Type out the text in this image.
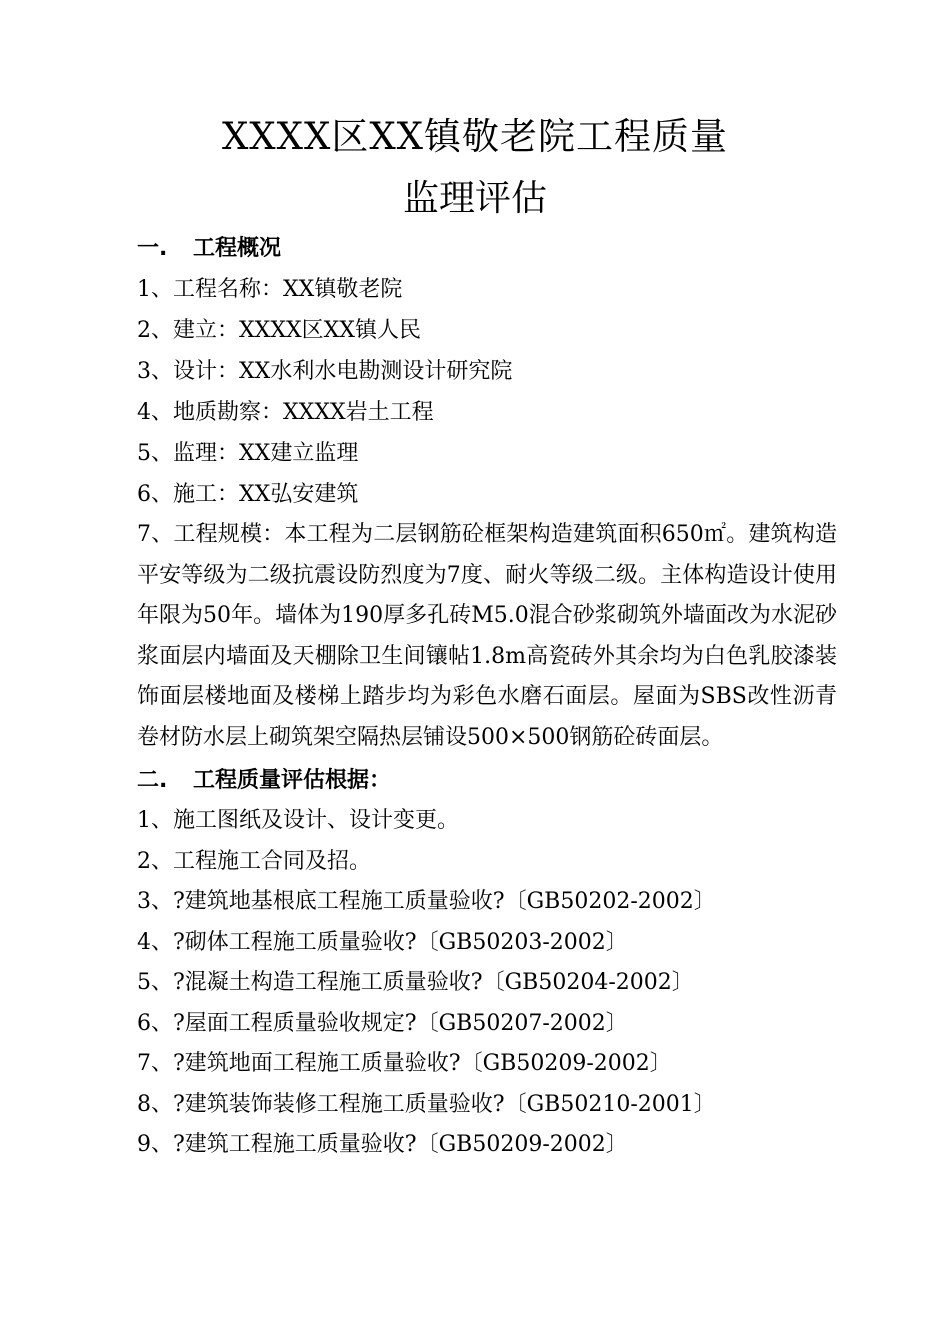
XXXX区XX镇敬老院工程质量
监理评估
一. 工程概况
1、工程名称：XX镇敬老院
2、建立：XXXX区XX镇人民
3、设计：XX水利水电勘测设计研究院
4、地质勘察：XXXX岩土工程
5、监理：XX建立监理
6、施工：XX弘安建筑

7、工程规模：本工程为二层钢筋砼框架构造建筑面积650㎡。建筑构造平安等级为二级抗震设防烈度为7度、耐火等级二级。主体构造设计使用年限为50年。墙体为190厚多孔砖M5.0混合砂浆砌筑外墙面改为水泥砂浆面层内墙面及天棚除卫生间镶帖1.8m高瓷砖外其余均为白色乳胶漆装饰面层楼地面及楼梯上踏步均为彩色水磨石面层。屋面为SBS改性沥青卷材防水层上砌筑架空隔热层铺设500×500钢筋砼砖面层。

二. 工程质量评估根据：
1、施工图纸及设计、设计变更。
2、工程施工合同及招。
3、?建筑地基根底工程施工质量验收?〔GB50202-2002〕
4、?砌体工程施工质量验收?〔GB50203-2002〕
5、?混凝土构造工程施工质量验收?〔GB50204-2002〕
6、?屋面工程质量验收规定?〔GB50207-2002〕
7、?建筑地面工程施工质量验收?〔GB50209-2002〕
8、?建筑装饰装修工程施工质量验收?〔GB50210-2001〕
9、?建筑工程施工质量验收?〔GB50209-2002〕
